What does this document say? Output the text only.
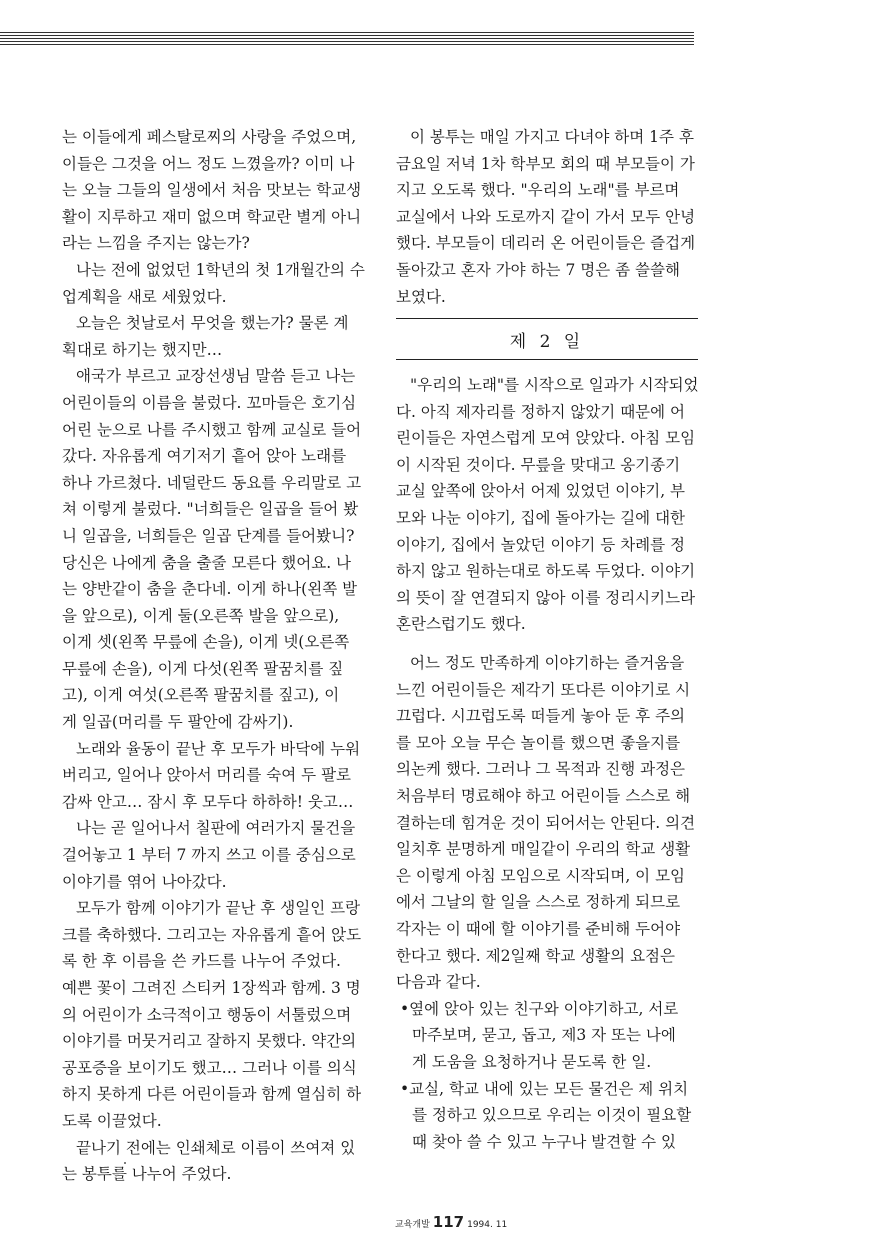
는 이들에게 페스탈로찌의 사랑을 주었으며,
이들은 그것을 어느 정도 느꼈을까? 이미 나
는 오늘 그들의 일생에서 처음 맛보는 학교생
활이 지루하고 재미 없으며 학교란 별게 아니
라는 느낌을 주지는 않는가?
나는 전에 없었던 1학년의 첫 1개월간의 수
업계획을 새로 세웠었다.
오늘은 첫날로서 무엇을 했는가? 물론 계
획대로 하기는 했지만…
애국가 부르고 교장선생님 말씀 듣고 나는
어린이들의 이름을 불렀다. 꼬마들은 호기심
어린 눈으로 나를 주시했고 함께 교실로 들어
갔다. 자유롭게 여기저기 흩어 앉아 노래를
하나 가르쳤다. 네덜란드 동요를 우리말로 고
쳐 이렇게 불렀다. "너희들은 일곱을 들어 봤
니 일곱을, 너희들은 일곱 단계를 들어봤니?
당신은 나에게 춤을 출줄 모른다 했어요. 나
는 양반같이 춤을 춘다네. 이게 하나(왼쪽 발
을 앞으로), 이게 둘(오른쪽 발을 앞으로),
이게 셋(왼쪽 무릎에 손을), 이게 넷(오른쪽
무릎에 손을), 이게 다섯(왼쪽 팔꿈치를 짚
고), 이게 여섯(오른쪽 팔꿈치를 짚고), 이
게 일곱(머리를 두 팔안에 감싸기).
노래와 율동이 끝난 후 모두가 바닥에 누워
버리고, 일어나 앉아서 머리를 숙여 두 팔로
감싸 안고… 잠시 후 모두다 하하하! 웃고…
나는 곧 일어나서 칠판에 여러가지 물건을
걸어놓고 1 부터 7 까지 쓰고 이를 중심으로
이야기를 엮어 나아갔다.
모두가 함께 이야기가 끝난 후 생일인 프랑
크를 축하했다. 그리고는 자유롭게 흩어 앉도
록 한 후 이름을 쓴 카드를 나누어 주었다.
예쁜 꽃이 그려진 스티커 1장씩과 함께. 3 명
의 어린이가 소극적이고 행동이 서툴렀으며
이야기를 머뭇거리고 잘하지 못했다. 약간의
공포증을 보이기도 했고… 그러나 이를 의식
하지 못하게 다른 어린이들과 함께 열심히 하
도록 이끌었다.
끝나기 전에는 인쇄체로 이름이 쓰여져 있
는 봉투를 나누어 주었다.
이 봉투는 매일 가지고 다녀야 하며 1주 후
금요일 저녁 1차 학부모 회의 때 부모들이 가
지고 오도록 했다. "우리의 노래"를 부르며
교실에서 나와 도로까지 같이 가서 모두 안녕
했다. 부모들이 데리러 온 어린이들은 즐겁게
돌아갔고 혼자 가야 하는 7 명은 좀 쓸쓸해
보였다.
제 2 일
"우리의 노래"를 시작으로 일과가 시작되었
다. 아직 제자리를 정하지 않았기 때문에 어
린이들은 자연스럽게 모여 앉았다. 아침 모임
이 시작된 것이다. 무릎을 맞대고 옹기종기
교실 앞쪽에 앉아서 어제 있었던 이야기, 부
모와 나눈 이야기, 집에 돌아가는 길에 대한
이야기, 집에서 놀았던 이야기 등 차례를 정
하지 않고 원하는대로 하도록 두었다. 이야기
의 뜻이 잘 연결되지 않아 이를 정리시키느라
혼란스럽기도 했다.
어느 정도 만족하게 이야기하는 즐거움을
느낀 어린이들은 제각기 또다른 이야기로 시
끄럽다. 시끄럽도록 떠들게 놓아 둔 후 주의
를 모아 오늘 무슨 놀이를 했으면 좋을지를
의논케 했다. 그러나 그 목적과 진행 과정은
처음부터 명료해야 하고 어린이들 스스로 해
결하는데 힘겨운 것이 되어서는 안된다. 의견
일치후 분명하게 매일같이 우리의 학교 생활
은 이렇게 아침 모임으로 시작되며, 이 모임
에서 그날의 할 일을 스스로 정하게 되므로
각자는 이 때에 할 이야기를 준비해 두어야
한다고 했다. 제2일째 학교 생활의 요점은
다음과 같다.
•옆에 앉아 있는 친구와 이야기하고, 서로
마주보며, 묻고, 돕고, 제3 자 또는 나에
게 도움을 요청하거나 묻도록 한 일.
•교실, 학교 내에 있는 모든 물건은 제 위치
를 정하고 있으므로 우리는 이것이 필요할
때 찾아 쓸 수 있고 누구나 발견할 수 있
교육개발 117 1994. 11
